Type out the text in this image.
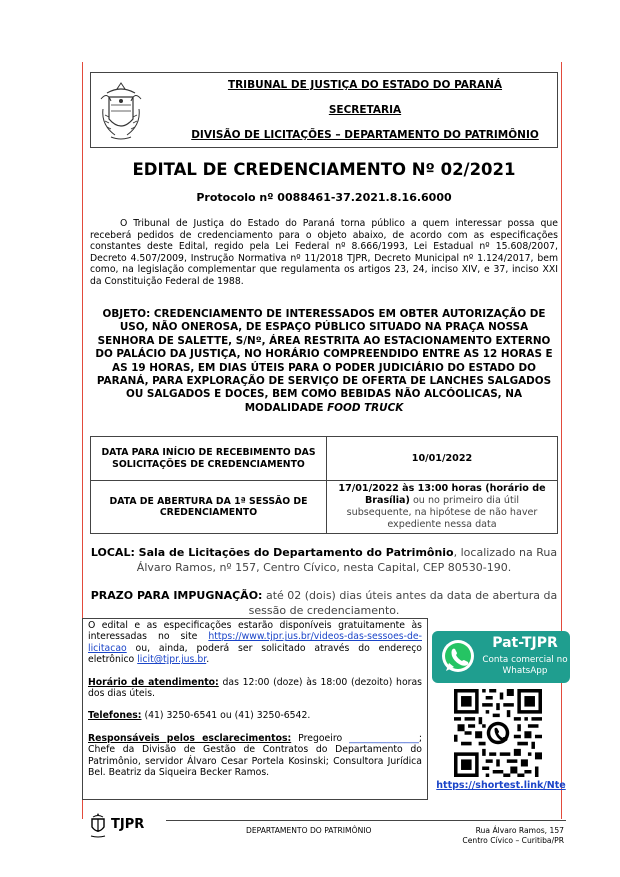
TRIBUNAL DE JUSTIÇA DO ESTADO DO PARANÁ
SECRETARIA
DIVISÃO DE LICITAÇÕES – DEPARTAMENTO DO PATRIMÔNIO
EDITAL DE CREDENCIAMENTO Nº 02/2021
Protocolo nº 0088461-37.2021.8.16.6000
O Tribunal de Justiça do Estado do Paraná torna público a quem interessar possa que receberá pedidos de credenciamento para o objeto abaixo, de acordo com as especificações constantes deste Edital, regido pela Lei Federal nº 8.666/1993, Lei Estadual nº 15.608/2007, Decreto 4.507/2009, Instrução Normativa nº 11/2018 TJPR, Decreto Municipal nº 1.124/2017, bem como, na legislação complementar que regulamenta os artigos 23, 24, inciso XIV, e 37, inciso XXI da Constituição Federal de 1988.
OBJETO: CREDENCIAMENTO DE INTERESSADOS EM OBTER AUTORIZAÇÃO DE USO, NÃO ONEROSA, DE ESPAÇO PÚBLICO SITUADO NA PRAÇA NOSSA SENHORA DE SALETTE, S/Nº, ÁREA RESTRITA AO ESTACIONAMENTO EXTERNO DO PALÁCIO DA JUSTIÇA, NO HORÁRIO COMPREENDIDO ENTRE AS 12 HORAS E AS 19 HORAS, EM DIAS ÚTEIS PARA O PODER JUDICIÁRIO DO ESTADO DO PARANÁ, PARA EXPLORAÇÃO DE SERVIÇO DE OFERTA DE LANCHES SALGADOS OU SALGADOS E DOCES, BEM COMO BEBIDAS NÃO ALCÓOLICAS, NA MODALIDADE FOOD TRUCK
DATA PARA INÍCIO DE RECEBIMENTO DAS SOLICITAÇÕES DE CREDENCIAMENTO	10/01/2022
DATA DE ABERTURA DA 1ª SESSÃO DE CREDENCIAMENTO	17/01/2022 às 13:00 horas (horário de Brasília) ou no primeiro dia útil subsequente, na hipótese de não haver expediente nessa data
LOCAL: Sala de Licitações do Departamento do Patrimônio, localizado na Rua Álvaro Ramos, nº 157, Centro Cívico, nesta Capital, CEP 80530-190.
PRAZO PARA IMPUGNAÇÃO: até 02 (dois) dias úteis antes da data de abertura da sessão de credenciamento.

O edital e as especificações estarão disponíveis gratuitamente às interessadas no site https://www.tjpr.jus.br/videos-das-sessoes-de-licitacao ou, ainda, poderá ser solicitado através do endereço eletrônico licit@tjpr.jus.br.

Horário de atendimento: das 12:00 (doze) às 18:00 (dezoito) horas dos dias úteis.

Telefones: (41) 3250-6541 ou (41) 3250-6542.

Responsáveis pelos esclarecimentos: Pregoeiro _______________; Chefe da Divisão de Gestão de Contratos do Departamento do Patrimônio, servidor Álvaro Cesar Portela Kosinski; Consultora Jurídica Bel. Beatriz da Siqueira Becker Ramos.

Pat-TJPR
Conta comercial no WhatsApp
https://shortest.link/Nte
TJPR	DEPARTAMENTO DO PATRIMÔNIO	Rua Álvaro Ramos, 157
Centro Cívico – Curitiba/PR
